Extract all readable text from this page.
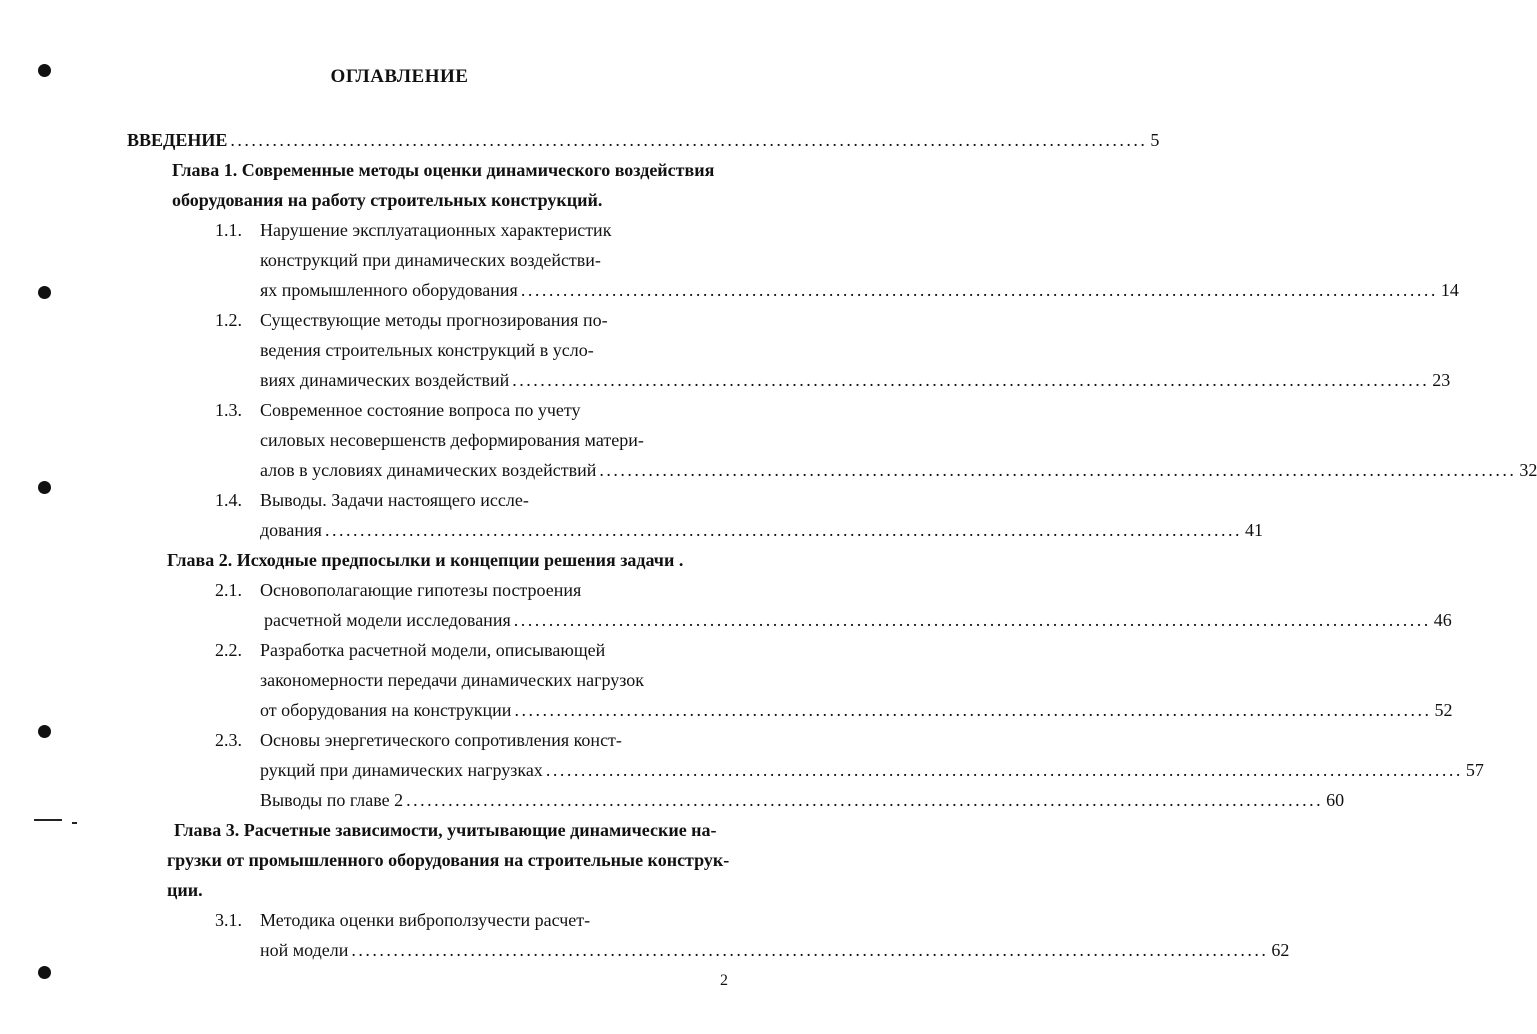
ОГЛАВЛЕНИЕ
ВВЕДЕНИЕ ................................................................................................................................... 5
Глава 1. Современные методы оценки динамического воздействия
оборудования на работу строительных конструкций.
1.1. Нарушение эксплуатационных характеристик
конструкций при динамических воздействи-
ях промышленного оборудования ................................................................................................................................... 14
1.2. Существующие методы прогнозирования по-
ведения строительных конструкций в усло-
виях динамических воздействий ................................................................................................................................... 23
1.3. Современное состояние вопроса по учету
силовых несовершенств деформирования матери-
алов в условиях динамических воздействий ................................................................................................................................... 32
1.4. Выводы. Задачи настоящего иссле-
дования ................................................................................................................................... 41
Глава 2. Исходные предпосылки и концепции решения задачи .
2.1. Основополагающие гипотезы построения
расчетной модели исследования ................................................................................................................................... 46
2.2. Разработка расчетной модели, описывающей
закономерности передачи динамических нагрузок
от оборудования на конструкции ................................................................................................................................... 52
2.3. Основы энергетического сопротивления конст-
рукций при динамических нагрузках ................................................................................................................................... 57
Выводы по главе 2 ................................................................................................................................... 60
Глава 3. Расчетные зависимости, учитывающие динамические на-
грузки от промышленного оборудования на строительные конструк-
ции.
3.1. Методика оценки виброползучести расчет-
ной модели ................................................................................................................................... 62
2
